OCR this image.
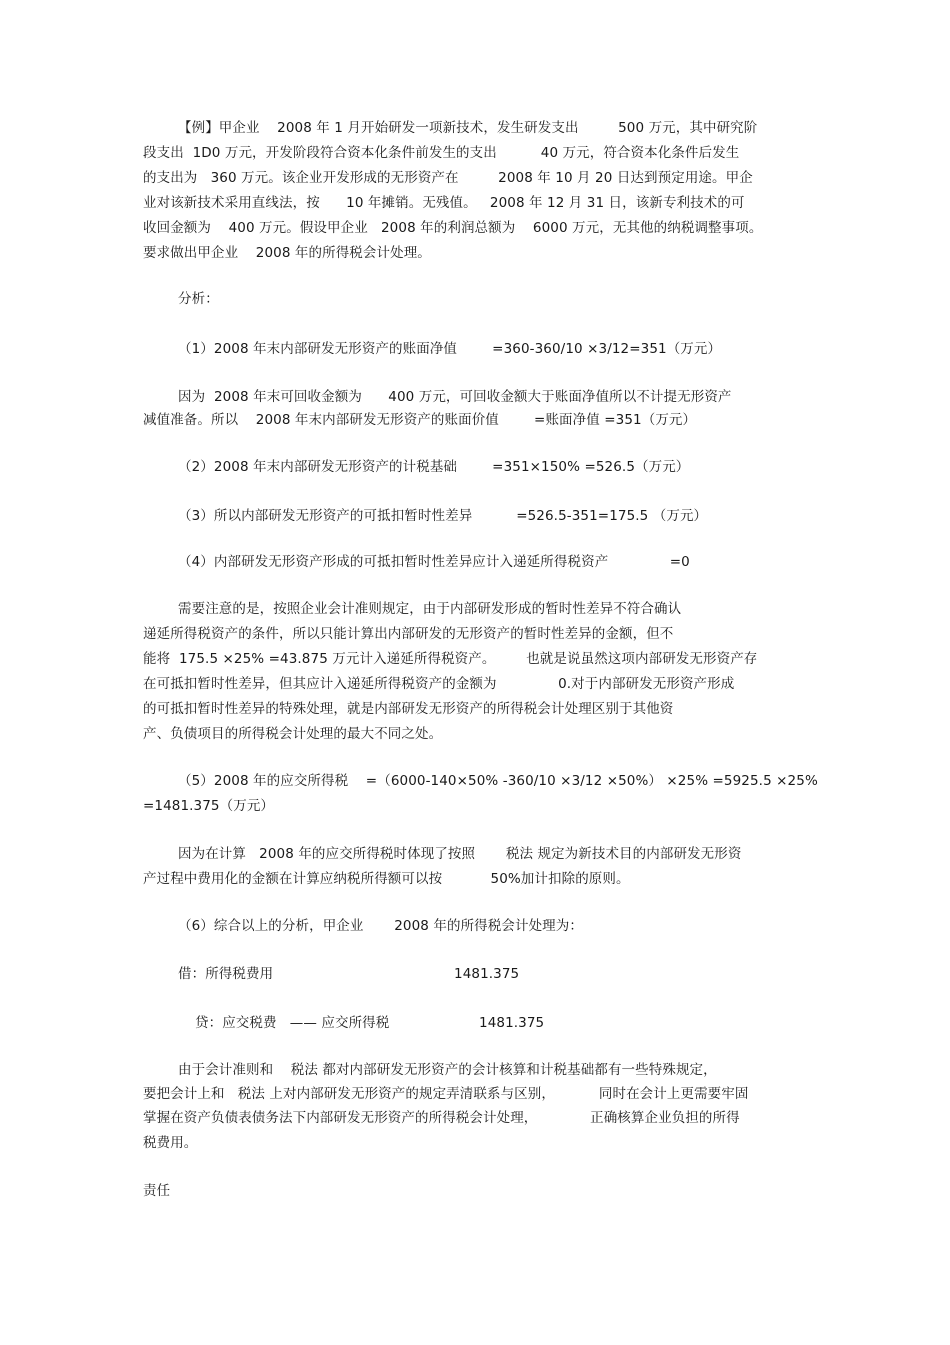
【例】甲企业    2008 年 1 月开始研发一项新技术，发生研发支出         500 万元，其中研究阶
段支出  1D0 万元，开发阶段符合资本化条件前发生的支出          40 万元，符合资本化条件后发生
的支出为   360 万元。该企业开发形成的无形资产在         2008 年 10 月 20 日达到预定用途。甲企
业对该新技术采用直线法，按      10 年摊销。无残值。   2008 年 12 月 31 日，该新专利技术的可
收回金额为    400 万元。假设甲企业   2008 年的利润总额为    6000 万元，无其他的纳税调整事项。
要求做出甲企业    2008 年的所得税会计处理。
分析：
（1）2008 年末内部研发无形资产的账面净值        =360-360/10 ×3/12=351（万元）
因为  2008 年末可回收金额为      400 万元，可回收金额大于账面净值所以不计提无形资产
减值准备。所以    2008 年末内部研发无形资产的账面价值        =账面净值 =351（万元）
（2）2008 年末内部研发无形资产的计税基础        =351×150% =526.5（万元）
（3）所以内部研发无形资产的可抵扣暂时性差异          =526.5-351=175.5 （万元）
（4）内部研发无形资产形成的可抵扣暂时性差异应计入递延所得税资产              =0
需要注意的是，按照企业会计准则规定，由于内部研发形成的暂时性差异不符合确认
递延所得税资产的条件，所以只能计算出内部研发的无形资产的暂时性差异的金额，但不
能将  175.5 ×25% =43.875 万元计入递延所得税资产。       也就是说虽然这项内部研发无形资产存
在可抵扣暂时性差异，但其应计入递延所得税资产的金额为              0.对于内部研发无形资产形成
的可抵扣暂时性差异的特殊处理，就是内部研发无形资产的所得税会计处理区别于其他资
产、负债项目的所得税会计处理的最大不同之处。
（5）2008 年的应交所得税    =（6000-140×50% -360/10 ×3/12 ×50%） ×25% =5925.5 ×25%
=1481.375（万元）
因为在计算   2008 年的应交所得税时体现了按照       税法 规定为新技术目的内部研发无形资
产过程中费用化的金额在计算应纳税所得额可以按           50%加计扣除的原则。
（6）综合以上的分析，甲企业       2008 年的所得税会计处理为：
借：所得税费用	1481.375
贷：应交税费   —— 应交所得税	1481.375
由于会计准则和    税法 都对内部研发无形资产的会计核算和计税基础都有一些特殊规定，
要把会计上和   税法 上对内部研发无形资产的规定弄清联系与区别，          同时在会计上更需要牢固
掌握在资产负债表债务法下内部研发无形资产的所得税会计处理，            正确核算企业负担的所得
税费用。
责任
